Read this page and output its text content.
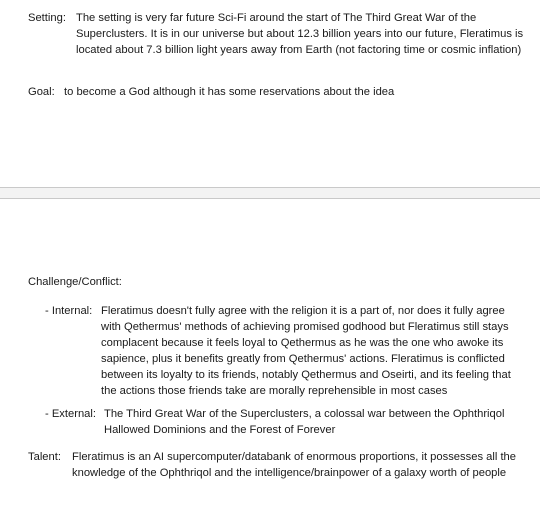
Setting: The setting is very far future Sci-Fi around the start of The Third Great War of the Superclusters. It is in our universe but about 12.3 billion years into our future, Fleratimus is located about 7.3 billion light years away from Earth (not factoring time or cosmic inflation)
Goal: to become a God although it has some reservations about the idea
Challenge/Conflict:
- Internal: Fleratimus doesn't fully agree with the religion it is a part of, nor does it fully agree with Qethermus' methods of achieving promised godhood but Fleratimus still stays complacent because it feels loyal to Qethermus as he was the one who awoke its sapience, plus it benefits greatly from Qethermus' actions. Fleratimus is conflicted between its loyalty to its friends, notably Qethermus and Oseirti, and its feeling that the actions those friends take are morally reprehensible in most cases
- External: The Third Great War of the Superclusters, a colossal war between the Ophthriqol Hallowed Dominions and the Forest of Forever
Talent: Fleratimus is an AI supercomputer/databank of enormous proportions, it possesses all the knowledge of the Ophthriqol and the intelligence/brainpower of a galaxy worth of people
